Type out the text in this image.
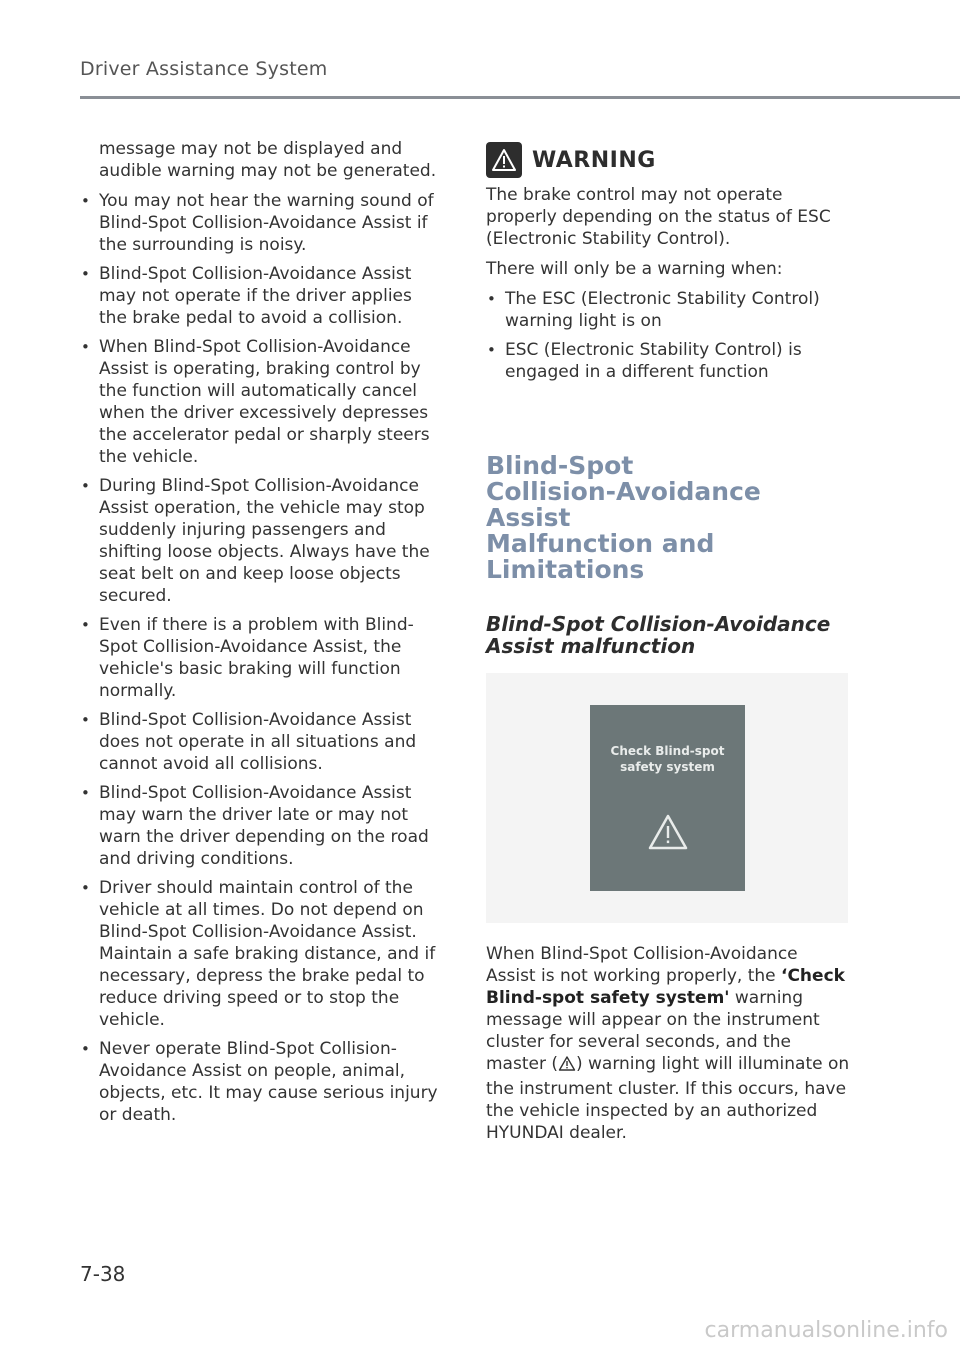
Driver Assistance System

message may not be displayed and audible warning may not be generated.

• You may not hear the warning sound of Blind-Spot Collision-Avoidance Assist if the surrounding is noisy.
• Blind-Spot Collision-Avoidance Assist may not operate if the driver applies the brake pedal to avoid a collision.
• When Blind-Spot Collision-Avoidance Assist is operating, braking control by the function will automatically cancel when the driver excessively depresses the accelerator pedal or sharply steers the vehicle.
• During Blind-Spot Collision-Avoidance Assist operation, the vehicle may stop suddenly injuring passengers and shifting loose objects. Always have the seat belt on and keep loose objects secured.
• Even if there is a problem with Blind-Spot Collision-Avoidance Assist, the vehicle's basic braking will function normally.
• Blind-Spot Collision-Avoidance Assist does not operate in all situations and cannot avoid all collisions.
• Blind-Spot Collision-Avoidance Assist may warn the driver late or may not warn the driver depending on the road and driving conditions.
• Driver should maintain control of the vehicle at all times. Do not depend on Blind-Spot Collision-Avoidance Assist. Maintain a safe braking distance, and if necessary, depress the brake pedal to reduce driving speed or to stop the vehicle.
• Never operate Blind-Spot Collision-Avoidance Assist on people, animal, objects, etc. It may cause serious injury or death.
WARNING

The brake control may not operate properly depending on the status of ESC (Electronic Stability Control).

There will only be a warning when:

• The ESC (Electronic Stability Control) warning light is on
• ESC (Electronic Stability Control) is engaged in a different function
Blind-Spot
Collision-Avoidance Assist
Malfunction and Limitations
Blind-Spot Collision-Avoidance
Assist malfunction
Check Blind-spot
safety system

When Blind-Spot Collision-Avoidance Assist is not working properly, the ‘Check Blind-spot safety system' warning message will appear on the instrument cluster for several seconds, and the master ( ) warning light will illuminate on the instrument cluster. If this occurs, have the vehicle inspected by an authorized HYUNDAI dealer.

7-38
carmanualsonline.info
